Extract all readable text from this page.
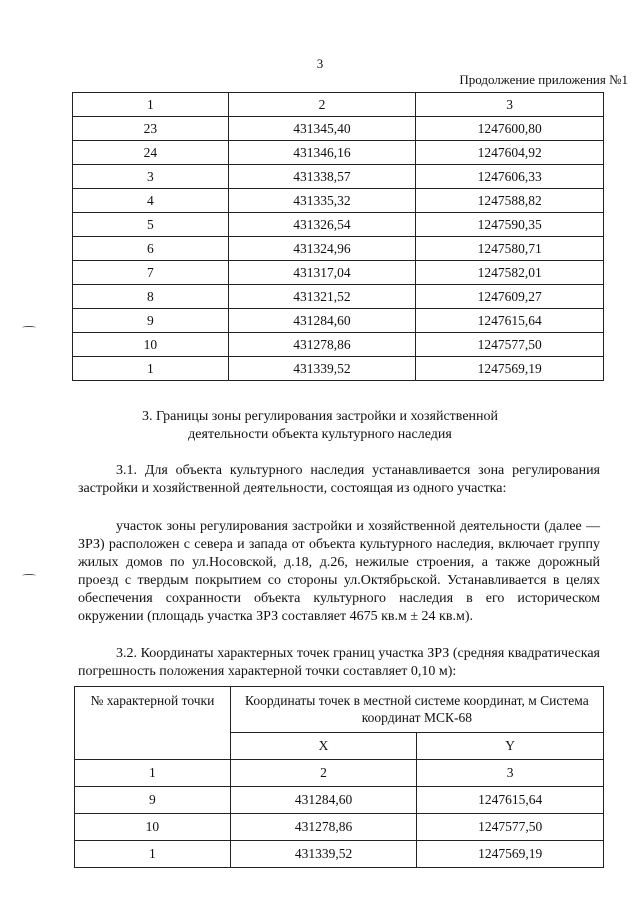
3
Продолжение приложения №1
1	2	3
23	431345,40	1247600,80
24	431346,16	1247604,92
3	431338,57	1247606,33
4	431335,32	1247588,82
5	431326,54	1247590,35
6	431324,96	1247580,71
7	431317,04	1247582,01
8	431321,52	1247609,27
9	431284,60	1247615,64
10	431278,86	1247577,50
1	431339,52	1247569,19
3. Границы зоны регулирования застройки и хозяйственной
деятельности объекта культурного наследия
3.1. Для объекта культурного наследия устанавливается зона регулирования застройки и хозяйственной деятельности, состоящая из одного участка:
участок зоны регулирования застройки и хозяйственной деятельности (далее — ЗРЗ) расположен с севера и запада от объекта культурного наследия, включает группу жилых домов по ул.Носовской, д.18, д.26, нежилые строения, а также дорожный проезд с твердым покрытием со стороны ул.Октябрьской. Устанавливается в целях обеспечения сохранности объекта культурного наследия в его историческом окружении (площадь участка ЗРЗ составляет 4675 кв.м ± 24 кв.м).
3.2. Координаты характерных точек границ участка ЗРЗ (средняя квадратическая погрешность положения характерной точки составляет 0,10 м):
№ характерной точки	Координаты точек в местной системе координат, м Система координат МСК-68	
	X	Y
1	2	3
9	431284,60	1247615,64
10	431278,86	1247577,50
1	431339,52	1247569,19
